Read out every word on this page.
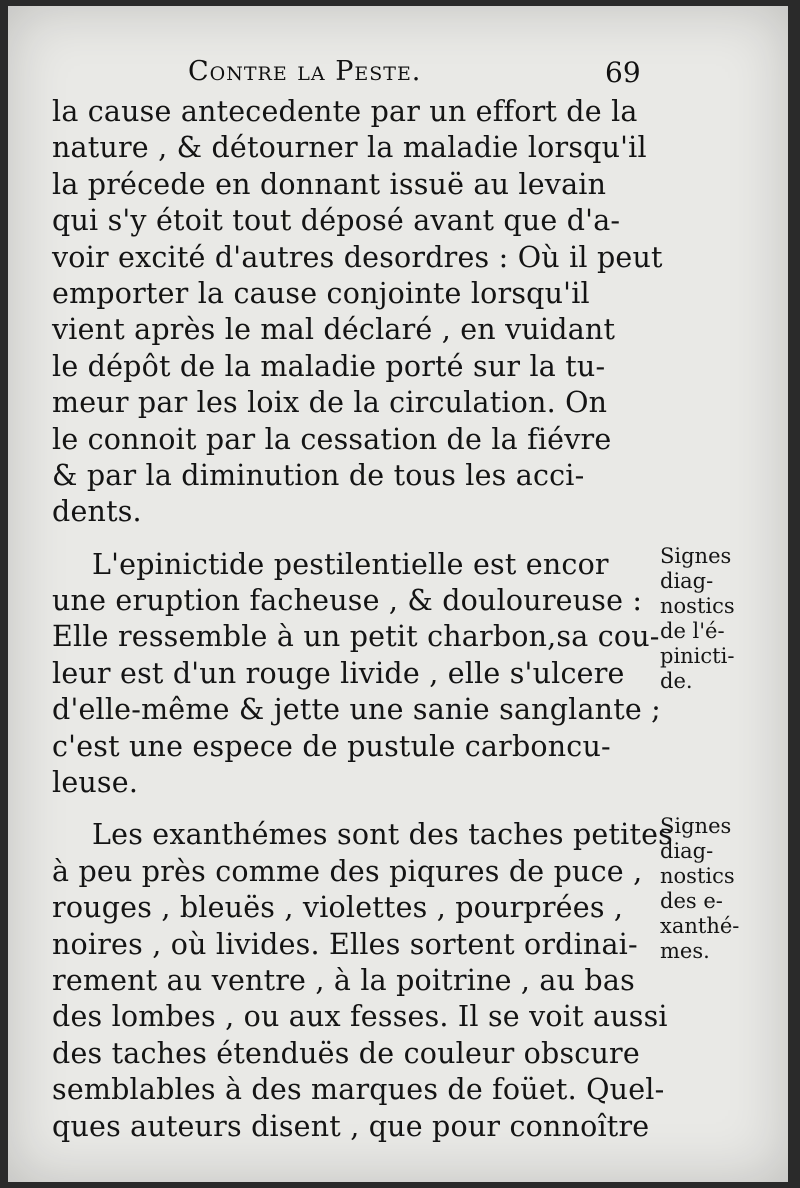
Contre la Peste.	69
la cause antecedente par un effort de la
nature , & détourner la maladie lorsqu'il
la précede en donnant issuë au levain
qui s'y étoit tout déposé avant que d'a-
voir excité d'autres desordres : Où il peut
emporter la cause conjointe lorsqu'il
vient après le mal déclaré , en vuidant
le dépôt de la maladie porté sur la tu-
meur par les loix de la circulation. On
le connoit par la cessation de la fiévre
& par la diminution de tous les acci-
dents.
L'epinictide pestilentielle est encor
une eruption facheuse , & douloureuse :
Elle ressemble à un petit charbon,sa cou-
leur est d'un rouge livide , elle s'ulcere
d'elle-même & jette une sanie sanglante ;
c'est une espece de pustule carboncu-
leuse.
Les exanthémes sont des taches petites
à peu près comme des piqures de puce ,
rouges , bleuës , violettes , pourprées ,
noires , où livides. Elles sortent ordinai-
rement au ventre , à la poitrine , au bas
des lombes , ou aux fesses. Il se voit aussi
des taches étenduës de couleur obscure
semblables à des marques de foüet. Quel-
ques auteurs disent , que pour connoître
Signes
diag-
nostics
de l'é-
pinicti-
de.
Signes
diag-
nostics
des e-
xanthé-
mes.
